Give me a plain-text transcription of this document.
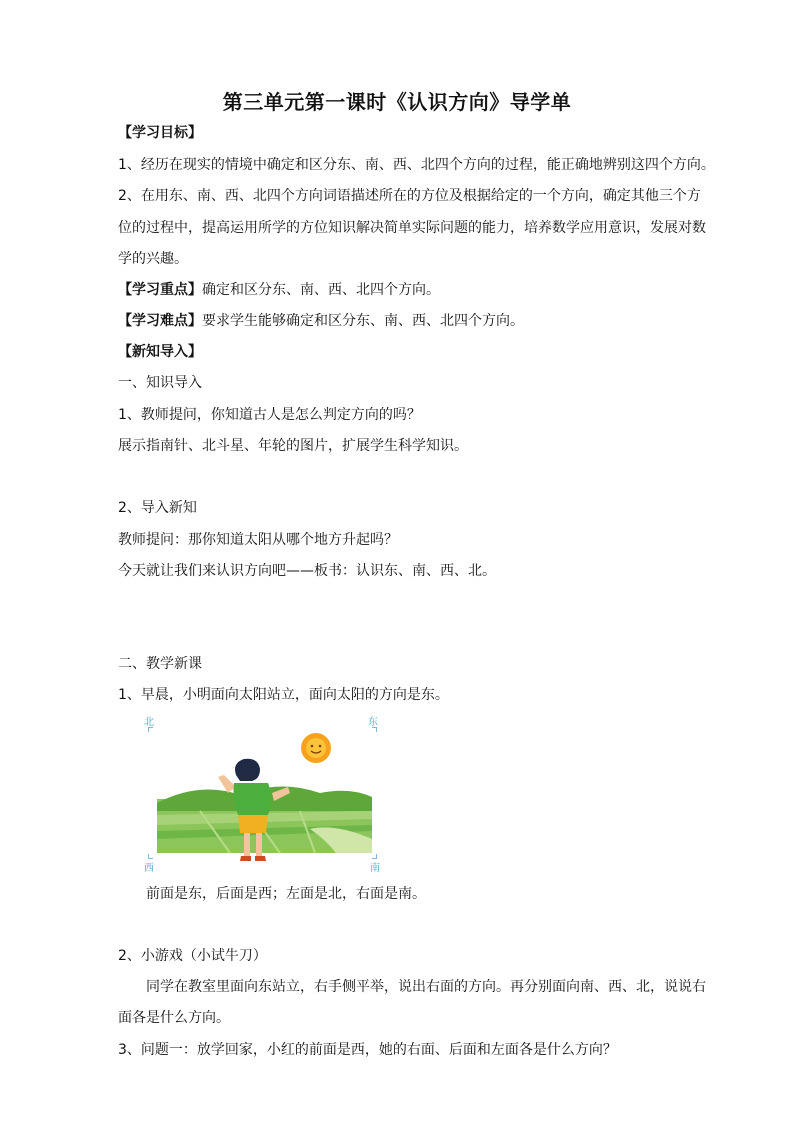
第三单元第一课时《认识方向》导学单
【学习目标】
1、经历在现实的情境中确定和区分东、南、西、北四个方向的过程，能正确地辨别这四个方向。
2、在用东、南、西、北四个方向词语描述所在的方位及根据给定的一个方向，确定其他三个方
位的过程中，提高运用所学的方位知识解决简单实际问题的能力，培养数学应用意识，发展对数
学的兴趣。
【学习重点】确定和区分东、南、西、北四个方向。
【学习难点】要求学生能够确定和区分东、南、西、北四个方向。
【新知导入】
一、知识导入
1、教师提问，你知道古人是怎么判定方向的吗？
展示指南针、北斗星、年轮的图片，扩展学生科学知识。
2、导入新知
教师提问：那你知道太阳从哪个地方升起吗？
今天就让我们来认识方向吧——板书：认识东、南、西、北。
二、教学新课
1、早晨，小明面向太阳站立，面向太阳的方向是东。
北	东
西	南
前面是东，后面是西；左面是北，右面是南。
2、小游戏（小试牛刀）
同学在教室里面向东站立，右手侧平举，说出右面的方向。再分别面向南、西、北，说说右
面各是什么方向。
3、问题一：放学回家，小红的前面是西，她的右面、后面和左面各是什么方向？
